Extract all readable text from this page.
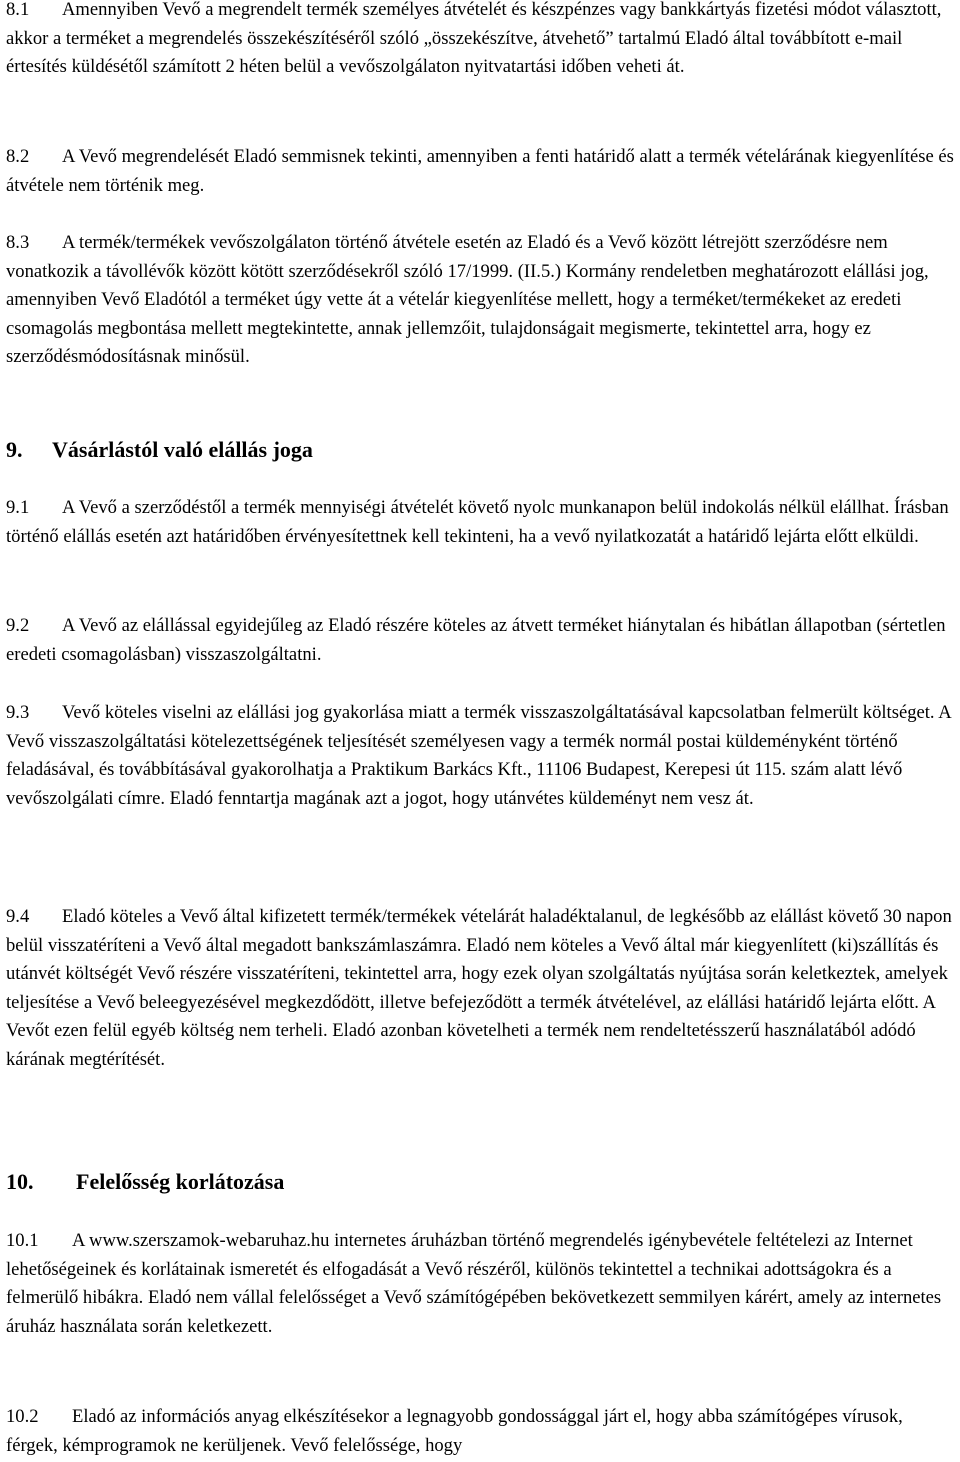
8.1 Amennyiben Vevő a megrendelt termék személyes átvételét és készpénzes vagy bankkártyás fizetési módot választott, akkor a terméket a megrendelés összekészítéséről szóló „összekészítve, átvehető” tartalmú Eladó által továbbított e-mail értesítés küldésétől számított 2 héten belül a vevőszolgálaton nyitvatartási időben veheti át.

8.2 A Vevő megrendelését Eladó semmisnek tekinti, amennyiben a fenti határidő alatt a termék vételárának kiegyenlítése és átvétele nem történik meg.

8.3 A termék/termékek vevőszolgálaton történő átvétele esetén az Eladó és a Vevő között létrejött szerződésre nem vonatkozik a távollévők között kötött szerződésekről szóló 17/1999. (II.5.) Kormány rendeletben meghatározott elállási jog, amennyiben Vevő Eladótól a terméket úgy vette át a vételár kiegyenlítése mellett, hogy a terméket/termékeket az eredeti csomagolás megbontása mellett megtekintette, annak jellemzőit, tulajdonságait megismerte, tekintettel arra, hogy ez szerződésmódosításnak minősül.

9. Vásárlástól való elállás joga

9.1 A Vevő a szerződéstől a termék mennyiségi átvételét követő nyolc munkanapon belül indokolás nélkül elállhat. Írásban történő elállás esetén azt határidőben érvényesítettnek kell tekinteni, ha a vevő nyilatkozatát a határidő lejárta előtt elküldi.

9.2 A Vevő az elállással egyidejűleg az Eladó részére köteles az átvett terméket hiánytalan és hibátlan állapotban (sértetlen eredeti csomagolásban) visszaszolgáltatni.

9.3 Vevő köteles viselni az elállási jog gyakorlása miatt a termék visszaszolgáltatásával kapcsolatban felmerült költséget. A Vevő visszaszolgáltatási kötelezettségének teljesítését személyesen vagy a termék normál postai küldeményként történő feladásával, és továbbításával gyakorolhatja a Praktikum Barkács Kft., 11106 Budapest, Kerepesi út 115. szám alatt lévő vevőszolgálati címre. Eladó fenntartja magának azt a jogot, hogy utánvétes küldeményt nem vesz át.

9.4 Eladó köteles a Vevő által kifizetett termék/termékek vételárát haladéktalanul, de legkésőbb az elállást követő 30 napon belül visszatéríteni a Vevő által megadott bankszámlaszámra. Eladó nem köteles a Vevő által már kiegyenlített (ki)szállítás és utánvét költségét Vevő részére visszatéríteni, tekintettel arra, hogy ezek olyan szolgáltatás nyújtása során keletkeztek, amelyek teljesítése a Vevő beleegyezésével megkezdődött, illetve befejeződött a termék átvételével, az elállási határidő lejárta előtt. A Vevőt ezen felül egyéb költség nem terheli. Eladó azonban követelheti a termék nem rendeltetésszerű használatából adódó kárának megtérítését.

10. Felelősség korlátozása

10.1 A www.szerszamok-webaruhaz.hu internetes áruházban történő megrendelés igénybevétele feltételezi az Internet lehetőségeinek és korlátainak ismeretét és elfogadását a Vevő részéről, különös tekintettel a technikai adottságokra és a felmerülő hibákra. Eladó nem vállal felelősséget a Vevő számítógépében bekövetkezett semmilyen kárért, amely az internetes áruház használata során keletkezett.

10.2 Eladó az információs anyag elkészítésekor a legnagyobb gondossággal járt el, hogy abba számítógépes vírusok, férgek, kémprogramok ne kerüljenek. Vevő felelőssége, hogy
